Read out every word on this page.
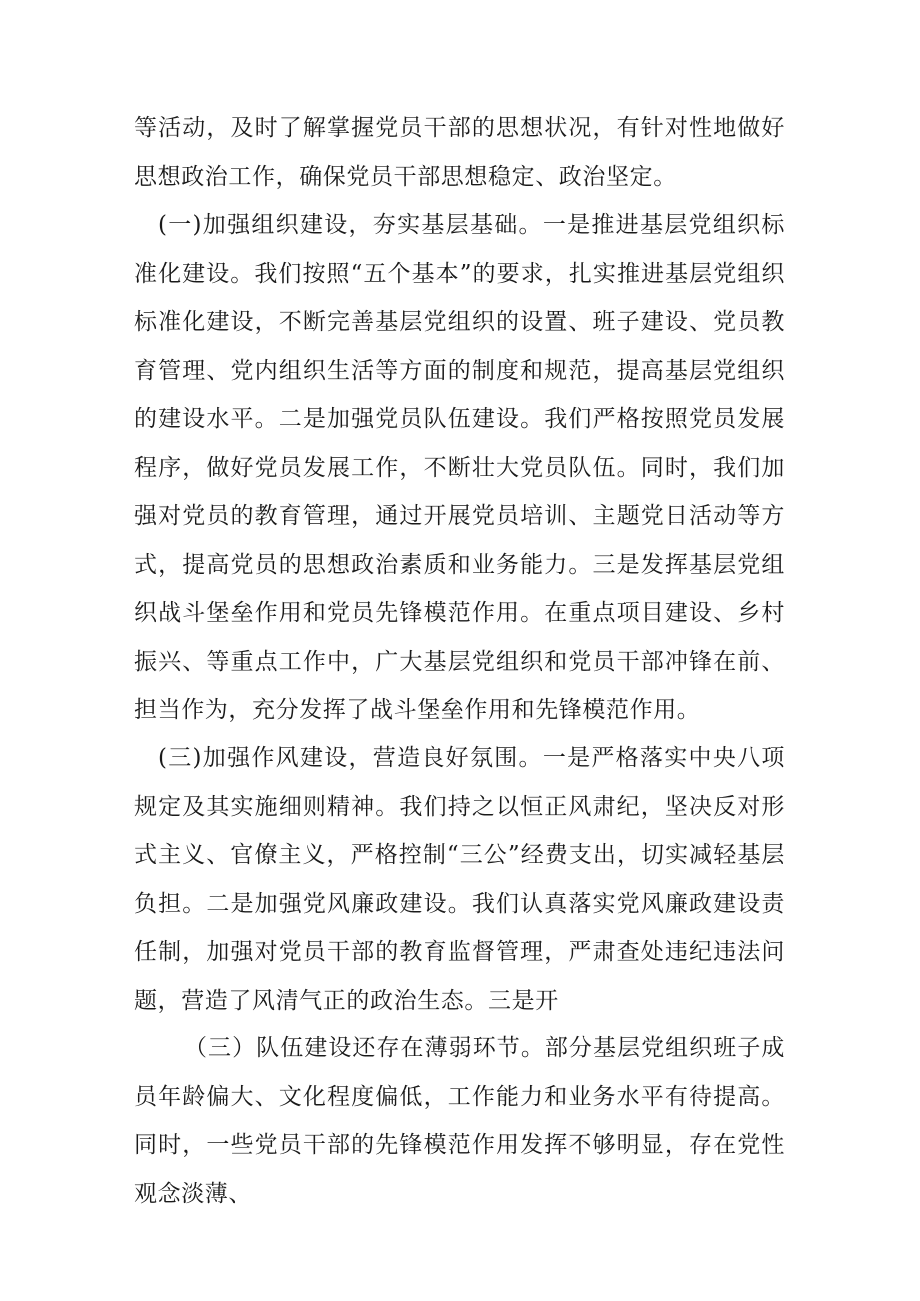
等活动，及时了解掌握党员干部的思想状况，有针对性地做好思想政治工作，确保党员干部思想稳定、政治坚定。

(一)加强组织建设，夯实基层基础。一是推进基层党组织标准化建设。我们按照“五个基本”的要求，扎实推进基层党组织标准化建设，不断完善基层党组织的设置、班子建设、党员教育管理、党内组织生活等方面的制度和规范，提高基层党组织的建设水平。二是加强党员队伍建设。我们严格按照党员发展程序，做好党员发展工作，不断壮大党员队伍。同时，我们加强对党员的教育管理，通过开展党员培训、主题党日活动等方式，提高党员的思想政治素质和业务能力。三是发挥基层党组织战斗堡垒作用和党员先锋模范作用。在重点项目建设、乡村振兴、等重点工作中，广大基层党组织和党员干部冲锋在前、担当作为，充分发挥了战斗堡垒作用和先锋模范作用。

(三)加强作风建设，营造良好氛围。一是严格落实中央八项规定及其实施细则精神。我们持之以恒正风肃纪，坚决反对形式主义、官僚主义，严格控制“三公”经费支出，切实减轻基层负担。二是加强党风廉政建设。我们认真落实党风廉政建设责任制，加强对党员干部的教育监督管理，严肃查处违纪违法问题，营造了风清气正的政治生态。三是开

（三）队伍建设还存在薄弱环节。部分基层党组织班子成员年龄偏大、文化程度偏低，工作能力和业务水平有待提高。同时，一些党员干部的先锋模范作用发挥不够明显，存在党性观念淡薄、
